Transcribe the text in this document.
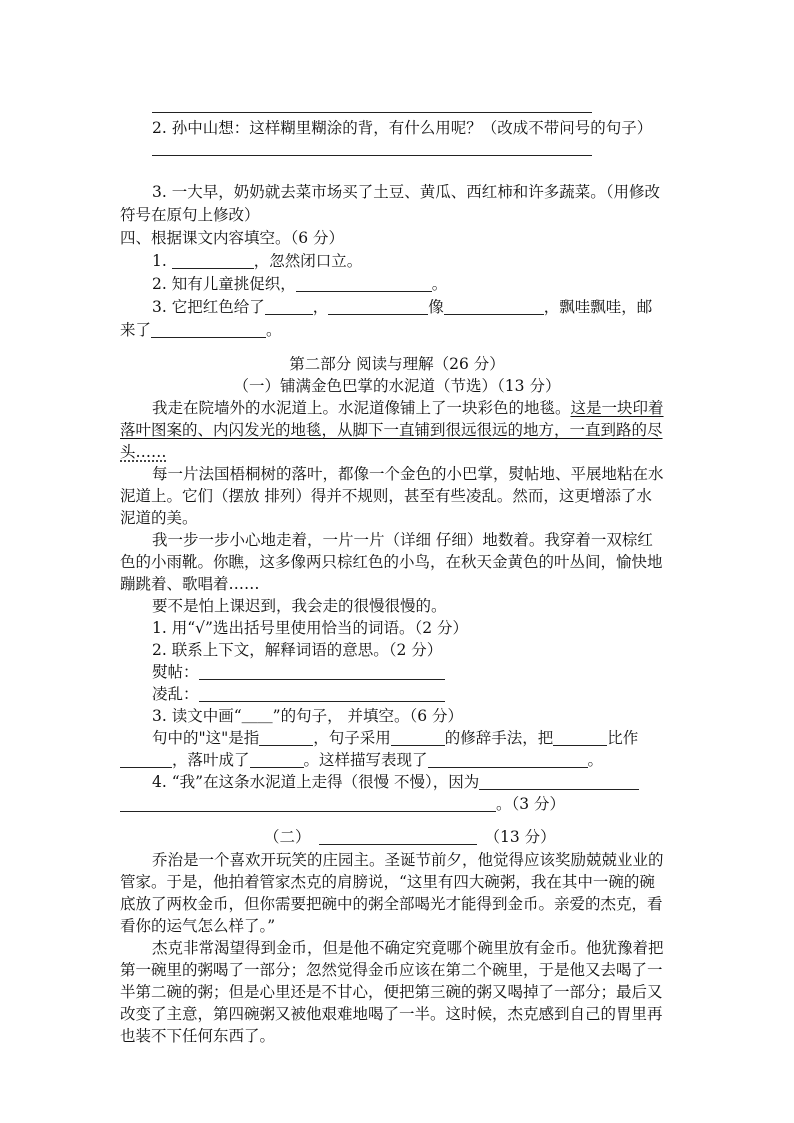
2. 孙中山想：这样糊里糊涂的背，有什么用呢？（改成不带问号的句子）
3. 一大早，奶奶就去菜市场买了土豆、黄瓜、西红柿和许多蔬菜。（用修改
符号在原句上修改）
四、根据课文内容填空。（6 分）
1.	，忽然闭口立。
2. 知有儿童挑促织，	。
3. 它把红色给了	，	像	，飘哇飘哇，邮
来了	。
第二部分 阅读与理解（26 分）
（一）铺满金色巴掌的水泥道（节选）（13 分）
我走在院墙外的水泥道上。水泥道像铺上了一块彩色的地毯。这是一块印着
落叶图案的、内闪发光的地毯，从脚下一直铺到很远很远的地方，一直到路的尽
头……
每一片法国梧桐树的落叶，都像一个金色的小巴掌，熨帖地、平展地粘在水
泥道上。它们（摆放 排列）得并不规则，甚至有些凌乱。然而，这更增添了水
泥道的美。
我一步一步小心地走着，一片一片（详细 仔细）地数着。我穿着一双棕红
色的小雨靴。你瞧，这多像两只棕红色的小鸟，在秋天金黄色的叶丛间，愉快地
蹦跳着、歌唱着……
要不是怕上课迟到，我会走的很慢很慢的。
1. 用“√”选出括号里使用恰当的词语。（2 分）
2. 联系上下文，解释词语的意思。（2 分）
熨帖：
凌乱：
3. 读文中画“＿＿”的句子， 并填空。（6 分）
句中的"这"是指	，句子采用	的修辞手法，把	比作
，落叶成了	。这样描写表现了	。
4. “我”在这条水泥道上走得（很慢 不慢），因为
。（3 分）
（二）	（13 分）
乔治是一个喜欢开玩笑的庄园主。圣诞节前夕，他觉得应该奖励兢兢业业的
管家。于是，他拍着管家杰克的肩膀说，“这里有四大碗粥，我在其中一碗的碗
底放了两枚金币，但你需要把碗中的粥全部喝光才能得到金币。亲爱的杰克，看
看你的运气怎么样了。”
杰克非常渴望得到金币，但是他不确定究竟哪个碗里放有金币。他犹豫着把
第一碗里的粥喝了一部分；忽然觉得金币应该在第二个碗里，于是他又去喝了一
半第二碗的粥；但是心里还是不甘心，便把第三碗的粥又喝掉了一部分；最后又
改变了主意，第四碗粥又被他艰难地喝了一半。这时候，杰克感到自己的胃里再
也装不下任何东西了。
